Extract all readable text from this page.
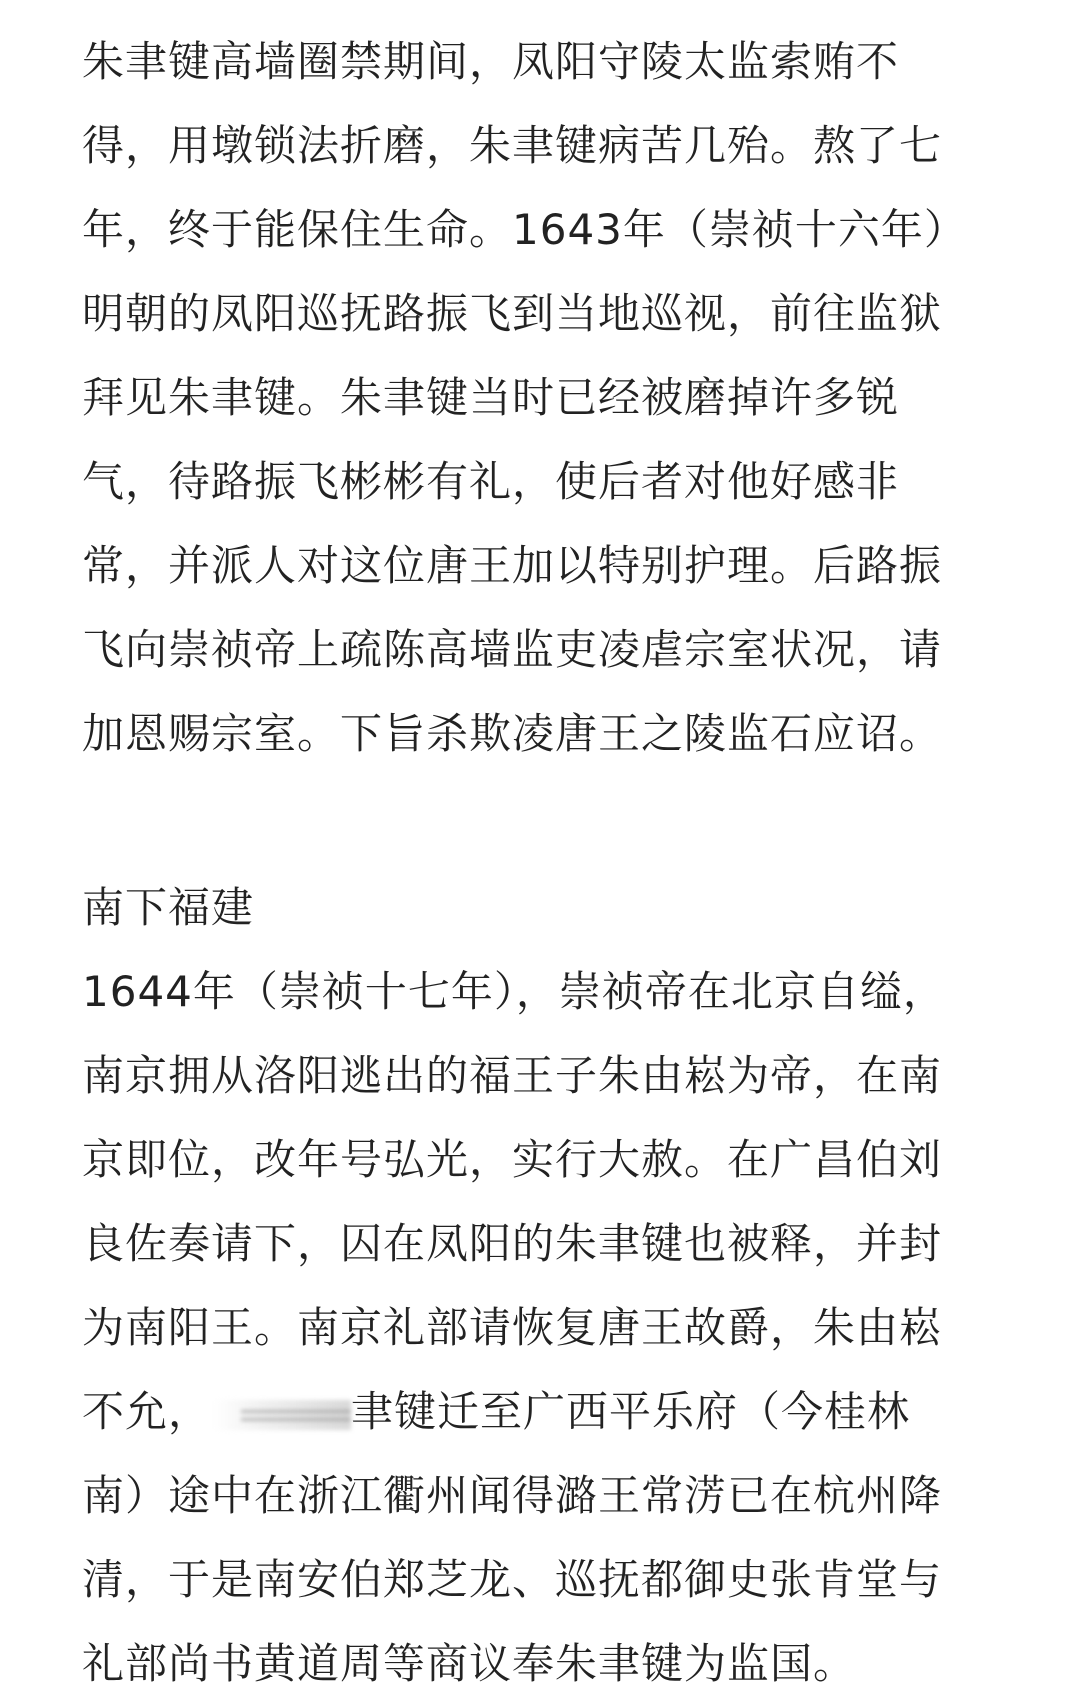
朱聿键高墙圈禁期间，凤阳守陵太监索贿不
得，用墩锁法折磨，朱聿键病苦几殆。熬了七
年，终于能保住生命。1643年（崇祯十六年）
明朝的凤阳巡抚路振飞到当地巡视，前往监狱
拜见朱聿键。朱聿键当时已经被磨掉许多锐
气，待路振飞彬彬有礼，使后者对他好感非
常，并派人对这位唐王加以特别护理。后路振
飞向崇祯帝上疏陈高墙监吏凌虐宗室状况，请
加恩赐宗室。下旨杀欺凌唐王之陵监石应诏。
南下福建
1644年（崇祯十七年），崇祯帝在北京自缢，
南京拥从洛阳逃出的福王子朱由崧为帝，在南
京即位，改年号弘光，实行大赦。在广昌伯刘
良佐奏请下，囚在凤阳的朱聿键也被释，并封
为南阳王。南京礼部请恢复唐王故爵，朱由崧
不允，	聿键迁至广西平乐府（今桂林
南）途中在浙江衢州闻得潞王常淓已在杭州降
清，于是南安伯郑芝龙、巡抚都御史张肯堂与
礼部尚书黄道周等商议奉朱聿键为监国。
